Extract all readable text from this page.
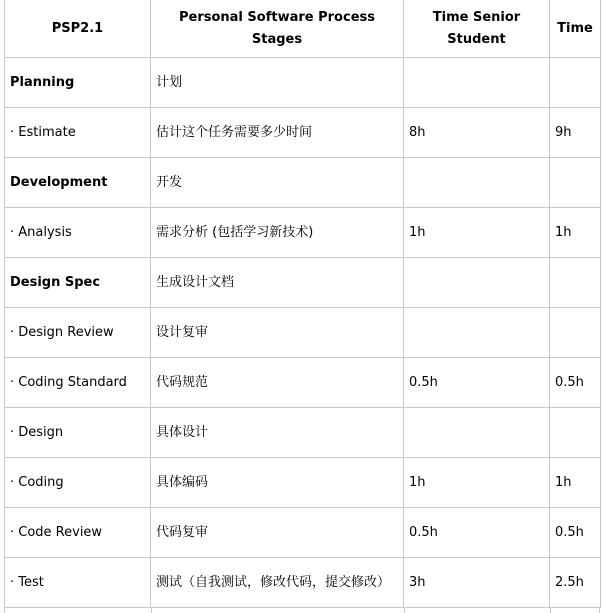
PSP2.1	Personal Software Process Stages	Time Senior Student	Time
Planning	计划		
· Estimate	估计这个任务需要多少时间	8h	9h
Development	开发		
· Analysis	需求分析 (包括学习新技术)	1h	1h
Design Spec	生成设计文档		
· Design Review	设计复审		
· Coding Standard	代码规范	0.5h	0.5h
· Design	具体设计		
· Coding	具体编码	1h	1h
· Code Review	代码复审	0.5h	0.5h
· Test	测试（自我测试，修改代码，提交修改）	3h	2.5h
